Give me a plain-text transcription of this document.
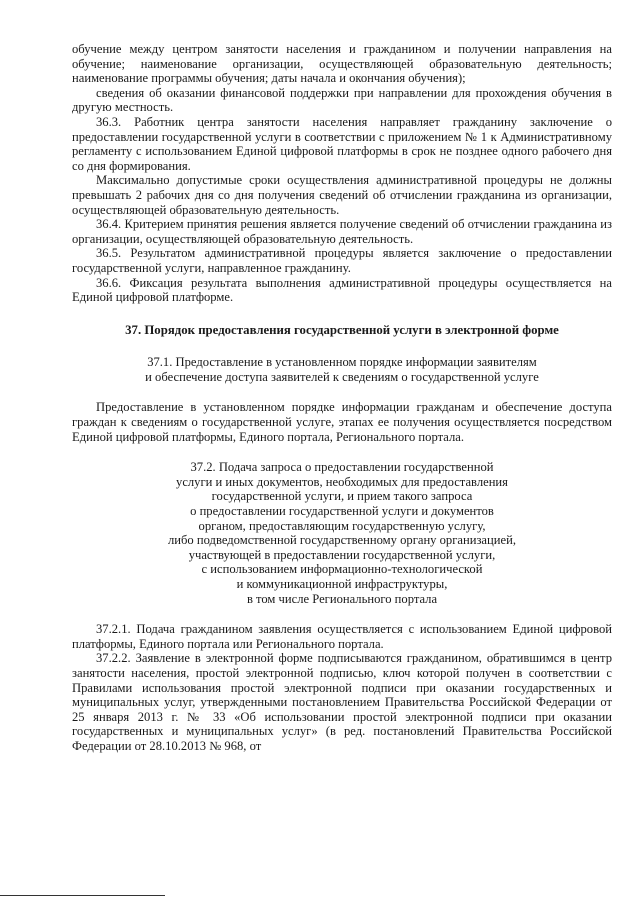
обучение между центром занятости населения и гражданином и получении направления на обучение; наименование организации, осуществляющей образовательную деятельность; наименование программы обучения; даты начала и окончания обучения);

сведения об оказании финансовой поддержки при направлении для прохождения обучения в другую местность.

36.3. Работник центра занятости населения направляет гражданину заключение о предоставлении государственной услуги в соответствии с приложением № 1 к Административному регламенту с использованием Единой цифровой платформы в срок не позднее одного рабочего дня со дня формирования.

Максимально допустимые сроки осуществления административной процедуры не должны превышать 2 рабочих дня со дня получения сведений об отчислении гражданина из организации, осуществляющей образовательную деятельность.

36.4. Критерием принятия решения является получение сведений об отчислении гражданина из организации, осуществляющей образовательную деятельность.

36.5. Результатом административной процедуры является заключение о предоставлении государственной услуги, направленное гражданину.

36.6. Фиксация результата выполнения административной процедуры осуществляется на Единой цифровой платформе.

37. Порядок предоставления государственной услуги в электронной форме
37.1. Предоставление в установленном порядке информации заявителям
и обеспечение доступа заявителей к сведениям о государственной услуге

Предоставление в установленном порядке информации гражданам и обеспечение доступа граждан к сведениям о государственной услуге, этапах ее получения осуществляется посредством Единой цифровой платформы, Единого портала, Регионального портала.

37.2. Подача запроса о предоставлении государственной
услуги и иных документов, необходимых для предоставления
государственной услуги, и прием такого запроса
о предоставлении государственной услуги и документов
органом, предоставляющим государственную услугу,
либо подведомственной государственному органу организацией,
участвующей в предоставлении государственной услуги,
с использованием информационно-технологической
и коммуникационной инфраструктуры,
в том числе Регионального портала

37.2.1. Подача гражданином заявления осуществляется с использованием Единой цифровой платформы, Единого портала или Регионального портала.

37.2.2. Заявление в электронной форме подписываются гражданином, обратившимся в центр занятости населения, простой электронной подписью, ключ которой получен в соответствии с Правилами использования простой электронной подписи при оказании государственных и муниципальных услуг, утвержденными постановлением Правительства Российской Федерации от 25 января 2013 г. № 33 «Об использовании простой электронной подписи при оказании государственных и муниципальных услуг» (в ред. постановлений Правительства Российской Федерации от 28.10.2013 № 968, от
